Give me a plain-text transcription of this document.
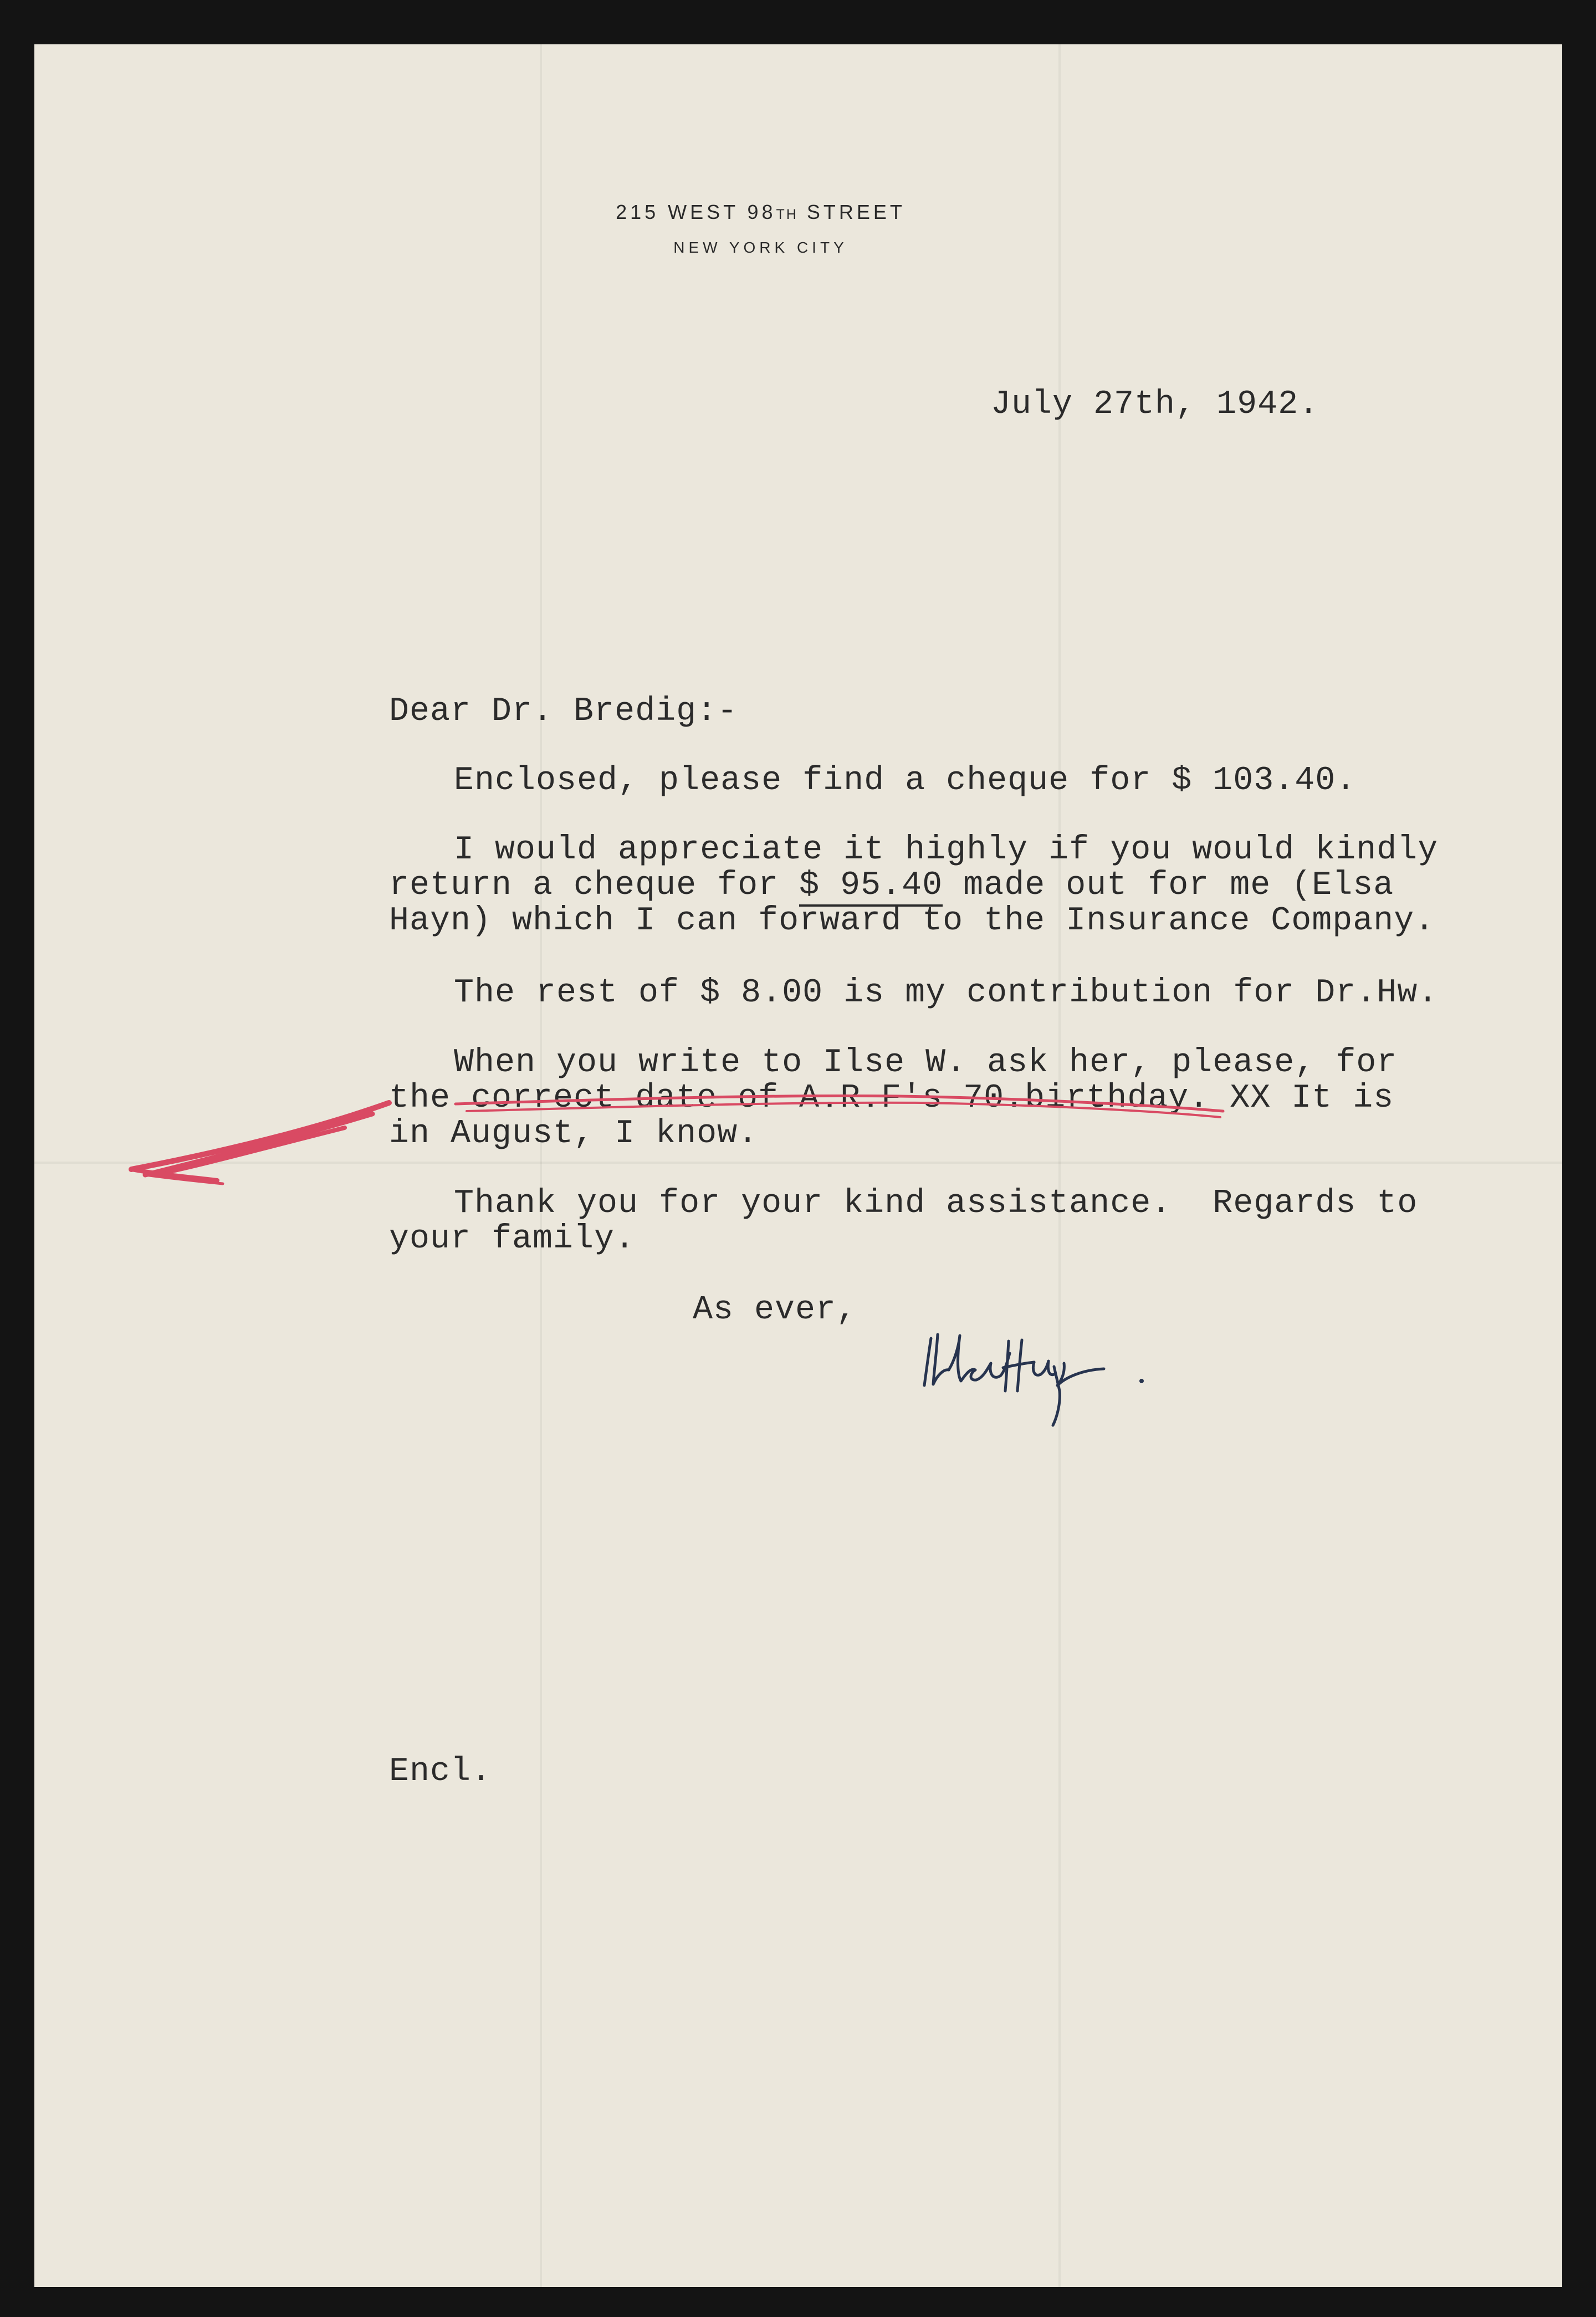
215 WEST 98TH STREET
NEW YORK CITY
July 27th, 1942.
Dear Dr. Bredig:-
Enclosed, please find a cheque for $ 103.40.
I would appreciate it highly if you would kindly
return a cheque for $ 95.40 made out for me (Elsa
Hayn) which I can forward to the Insurance Company.
The rest of $ 8.00 is my contribution for Dr.Hw.
When you write to Ilse W. ask her, please, for
the correct date of A.R.F's 70.birthday. XX It is
in August, I know.
Thank you for your kind assistance.  Regards to
your family.
As ever,
Encl.
